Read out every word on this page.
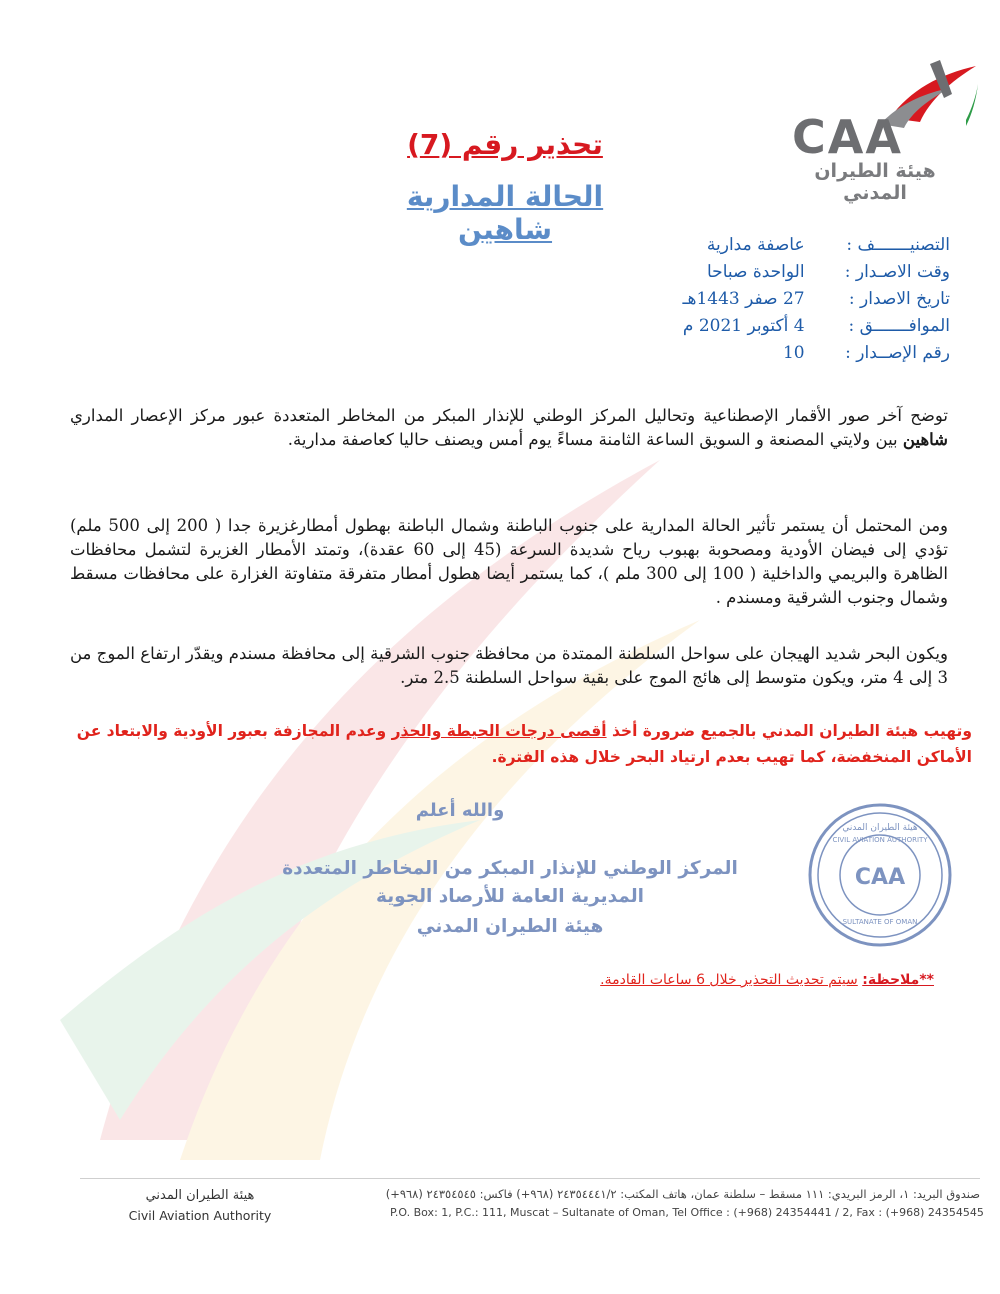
CAA
هيئة الطيران المدني
تحذير رقم (7)
الحالة المدارية شاهين	التصنيـــــــف : عاصفة مدارية
وقت الاصـدار : الواحدة صباحا
تاريخ الاصدار : 27 صفر 1443هـ
الموافـــــــق : 4 أكتوبر 2021 م
رقم الإصــدار : 10
توضح آخر صور الأقمار الإصطناعية وتحاليل المركز الوطني للإنذار المبكر من المخاطر المتعددة عبور مركز الإعصار المداري شاهين بين ولايتي المصنعة و السويق الساعة الثامنة مساءً يوم أمس ويصنف حاليا كعاصفة مدارية.
ومن المحتمل أن يستمر تأثير الحالة المدارية على جنوب الباطنة وشمال الباطنة بهطول أمطارغزيرة جدا ( 200 إلى 500 ملم) تؤدي إلى فيضان الأودية ومصحوبة بهبوب رياح شديدة السرعة (45 إلى 60 عقدة)، وتمتد الأمطار الغزيرة لتشمل محافظات الظاهرة والبريمي والداخلية ( 100 إلى 300 ملم )، كما يستمر أيضا هطول أمطار متفرقة متفاوتة الغزارة على محافظات مسقط وشمال وجنوب الشرقية ومسندم .
ويكون البحر شديد الهيجان على سواحل السلطنة الممتدة من محافظة جنوب الشرقية إلى محافظة مسندم ويقدّر ارتفاع الموج من 3 إلى 4 متر، ويكون متوسط إلى هائج الموج على بقية سواحل السلطنة 2.5 متر.
وتهيب هيئة الطيران المدني بالجميع ضرورة أخذ أقصى درجات الحيطة والحذر وعدم المجازفة بعبور الأودية والابتعاد عن الأماكن المنخفضة، كما تهيب بعدم ارتياد البحر خلال هذه الفترة.
والله أعلم
المركز الوطني للإنذار المبكر من المخاطر المتعددة
المديرية العامة للأرصاد الجوية
هيئة الطيران المدني
هيئة الطيران المدني
CIVIL AVIATION AUTHORITY
CAA
SULTANATE OF OMAN
**ملاحظة: سيتم تحديث التحذير خلال 6 ساعات القادمة.
هيئة الطيران المدني
Civil Aviation Authority
صندوق البريد: ١، الرمز البريدي: ١١١ مسقط – سلطنة عمان، هاتف المكتب: ٢٤٣٥٤٤٤١/٢ (٩٦٨+) فاكس: ٢٤٣٥٤٥٤٥ (٩٦٨+)
P.O. Box: 1, P.C.: 111, Muscat – Sultanate of Oman, Tel Office : (+968) 24354441 / 2, Fax : (+968) 24354545
